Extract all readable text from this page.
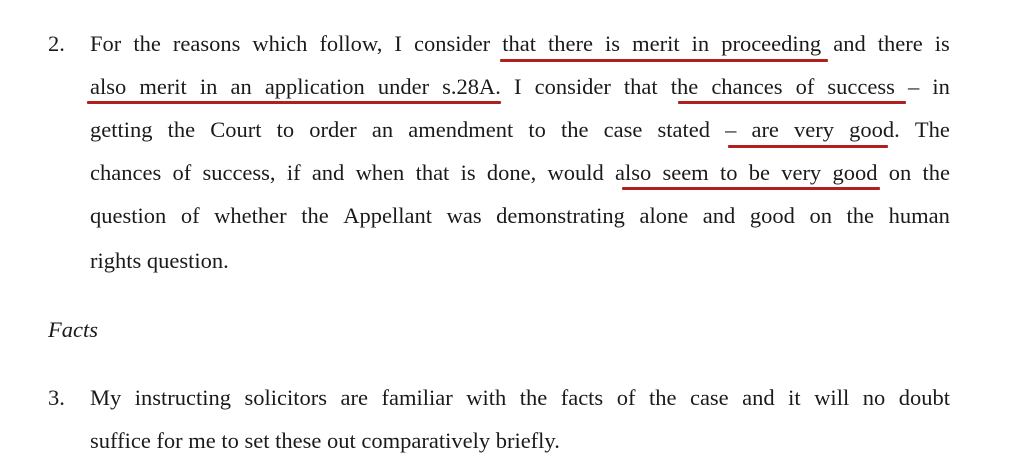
2. For the reasons which follow, I consider that there is merit in proceeding and there is
also merit in an application under s.28A. I consider that the chances of success – in
getting the Court to order an amendment to the case stated – are very good. The
chances of success, if and when that is done, would also seem to be very good on the
question of whether the Appellant was demonstrating alone and good on the human
rights question.
Facts
3. My instructing solicitors are familiar with the facts of the case and it will no doubt
suffice for me to set these out comparatively briefly.
